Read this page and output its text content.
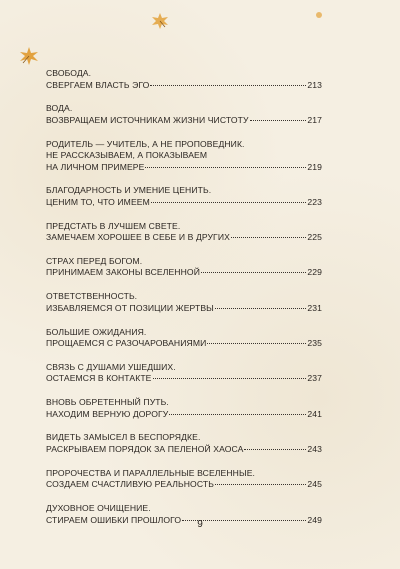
СВОБОДА.
СВЕРГАЕМ ВЛАСТЬ ЭГО	213
ВОДА.
ВОЗВРАЩАЕМ ИСТОЧНИКАМ ЖИЗНИ ЧИСТОТУ	217
РОДИТЕЛЬ — УЧИТЕЛЬ, А НЕ ПРОПОВЕДНИК.
НЕ РАССКАЗЫВАЕМ, А ПОКАЗЫВАЕМ
НА ЛИЧНОМ ПРИМЕРЕ	219
БЛАГОДАРНОСТЬ И УМЕНИЕ ЦЕНИТЬ.
ЦЕНИМ ТО, ЧТО ИМЕЕМ	223
ПРЕДСТАТЬ В ЛУЧШЕМ СВЕТЕ.
ЗАМЕЧАЕМ ХОРОШЕЕ В СЕБЕ И В ДРУГИХ	225
СТРАХ ПЕРЕД БОГОМ.
ПРИНИМАЕМ ЗАКОНЫ ВСЕЛЕННОЙ	229
ОТВЕТСТВЕННОСТЬ.
ИЗБАВЛЯЕМСЯ ОТ ПОЗИЦИИ ЖЕРТВЫ	231
БОЛЬШИЕ ОЖИДАНИЯ.
ПРОЩАЕМСЯ С РАЗОЧАРОВАНИЯМИ	235
СВЯЗЬ С ДУШАМИ УШЕДШИХ.
ОСТАЕМСЯ В КОНТАКТЕ	237
ВНОВЬ ОБРЕТЕННЫЙ ПУТЬ.
НАХОДИМ ВЕРНУЮ ДОРОГУ	241
ВИДЕТЬ ЗАМЫСЕЛ В БЕСПОРЯДКЕ.
РАСКРЫВАЕМ ПОРЯДОК ЗА ПЕЛЕНОЙ ХАОСА	243
ПРОРОЧЕСТВА И ПАРАЛЛЕЛЬНЫЕ ВСЕЛЕННЫЕ.
СОЗДАЕМ СЧАСТЛИВУЮ РЕАЛЬНОСТЬ	245
ДУХОВНОЕ ОЧИЩЕНИЕ.
СТИРАЕМ ОШИБКИ ПРОШЛОГО	249
9
